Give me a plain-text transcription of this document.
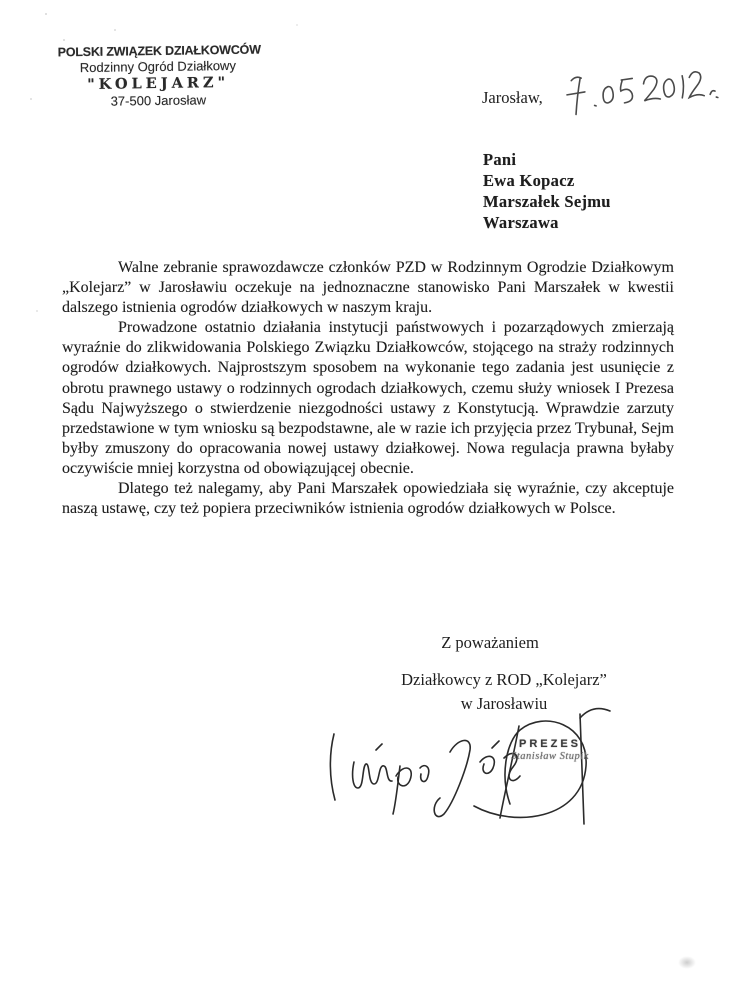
POLSKI ZWIĄZEK DZIAŁKOWCÓW
Rodzinny Ogród Działkowy
"KOLEJARZ"
37-500 Jarosław	Jarosław,
Pani
Ewa Kopacz
Marszałek Sejmu
Warszawa

Walne zebranie sprawozdawcze członków PZD w Rodzinnym Ogrodzie Działkowym „Kolejarz” w Jarosławiu oczekuje na jednoznaczne stanowisko Pani Marszałek w kwestii dalszego istnienia ogrodów działkowych w naszym kraju.

Prowadzone ostatnio działania instytucji państwowych i pozarządowych zmierzają wyraźnie do zlikwidowania Polskiego Związku Działkowców, stojącego na straży rodzinnych ogrodów działkowych. Najprostszym sposobem na wykonanie tego zadania jest usunięcie z obrotu prawnego ustawy o rodzinnych ogrodach działkowych, czemu służy wniosek I Prezesa Sądu Najwyższego o stwierdzenie niezgodności ustawy z Konstytucją. Wprawdzie zarzuty przedstawione w tym wniosku są bezpodstawne, ale w razie ich przyjęcia przez Trybunał, Sejm byłby zmuszony do opracowania nowej ustawy działkowej. Nowa regulacja prawna byłaby oczywiście mniej korzystna od obowiązującej obecnie.

Dlatego też nalegamy, aby Pani Marszałek opowiedziała się wyraźnie, czy akceptuje naszą ustawę, czy też popiera przeciwników istnienia ogrodów działkowych w Polsce.

Z poważaniem
Działkowcy z ROD „Kolejarz”
w Jarosławiu
PREZES
Stanisław Stupik
